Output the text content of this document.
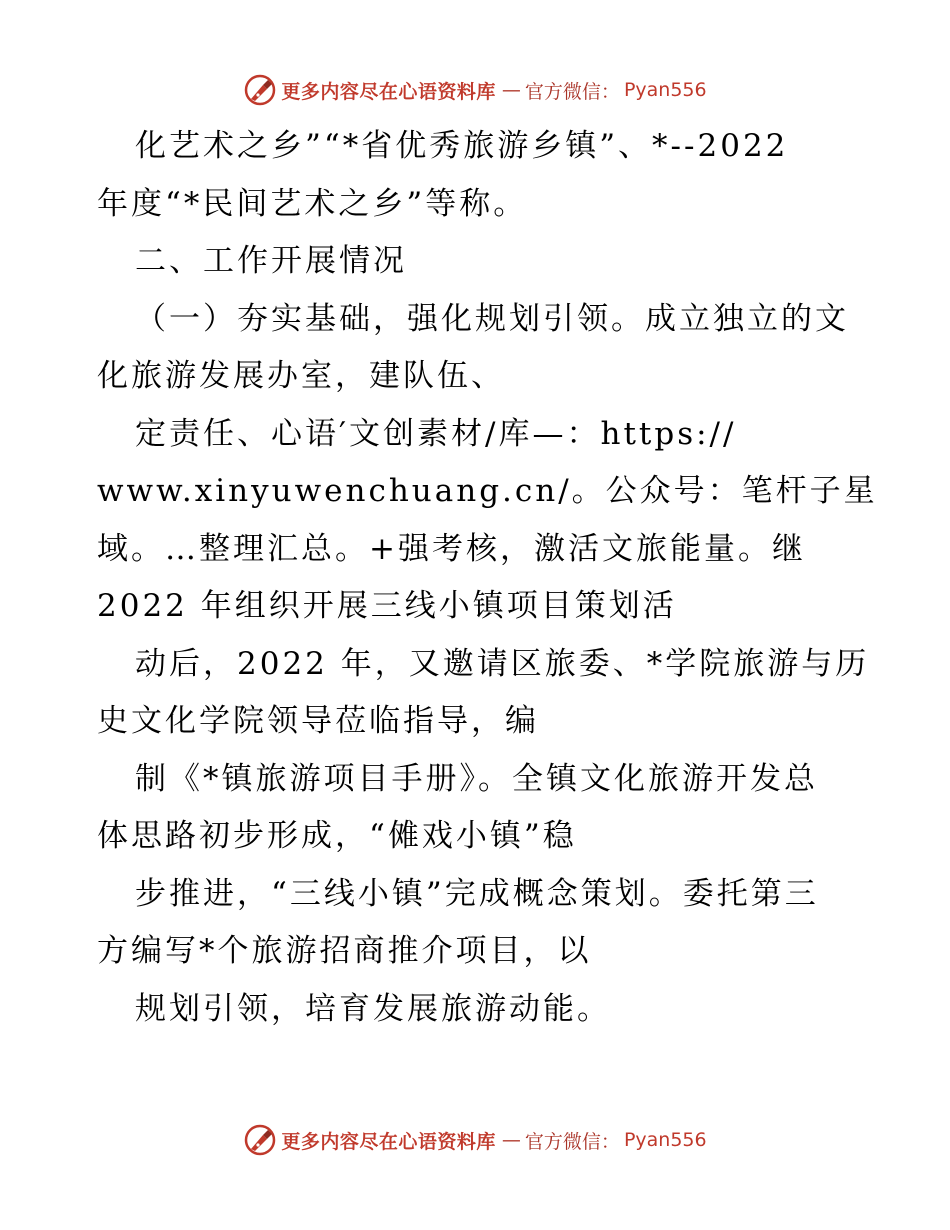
更多内容尽在心语资料库 — 官方微信： Pyan556
化艺术之乡”“*省优秀旅游乡镇”、*--2022
年度“*民间艺术之乡”等称。
二、工作开展情况
（一）夯实基础，强化规划引领。成立独立的文
化旅游发展办室，建队伍、
定责任、心语′文创素材/库—：https://
www.xinyuwenchuang.cn/。公众号：笔杆子星
域。…整理汇总。+强考核，激活文旅能量。继
2022 年组织开展三线小镇项目策划活
动后，2022 年，又邀请区旅委、*学院旅游与历
史文化学院领导莅临指导，编
制《*镇旅游项目手册》。全镇文化旅游开发总
体思路初步形成，“傩戏小镇”稳
步推进，“三线小镇”完成概念策划。委托第三
方编写*个旅游招商推介项目，以
规划引领，培育发展旅游动能。
更多内容尽在心语资料库 — 官方微信： Pyan556
